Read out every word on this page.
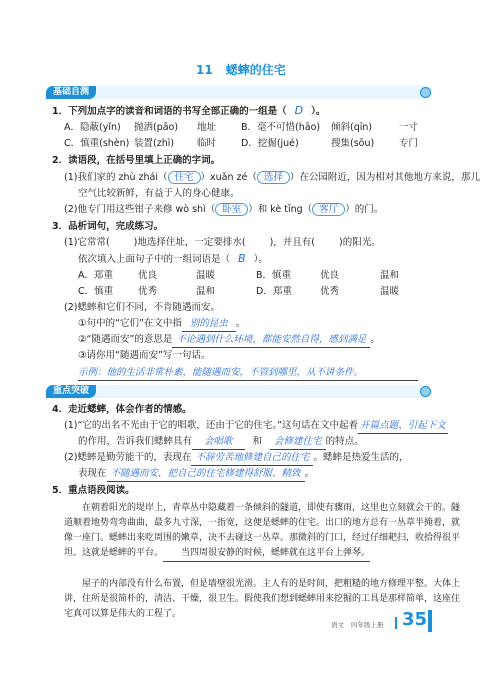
11 蟋蟀的住宅
基础自测
1．下列加点字的读音和词语的书写全部正确的一组是（ D ）。
A．隐蔽(yǐn) 抛洒(pāo) 地址	B．毫不可惜(hāo) 倾斜(qīn)	一寸
C．慎重(shèn) 装置(zhì) 临时	D．挖掘(jué)	搜集(sōu)	专门
2．读语段，在括号里填上正确的字词。
(1)我们家的 zhù zhái（ 住宅 ）xuǎn zé（ 选择 ）在公园附近，因为相对其他地方来说，那儿
空气比较新鲜，有益于人的身心健康。
(2)他专门用这些钳子来修 wò shì（ 卧室 ）和 kè tīng（ 客厅 ）的门。
3．品析词句，完成练习。
(1)它常常(	)地选择住址，一定要排水(	)，并且有(	)的阳光。
依次填入上面句子中的一组词语是（ B ）。
A．郑重	优良	温暖	B．慎重	优良	温和
C．慎重	优秀	温和	D．郑重	优秀	温暖
(2)蟋蟀和它们不同，不肯随遇而安。
①句中的“它们”在文中指 别的昆虫 。
②“随遇而安”的意思是 不论遇到什么环境，都能安然自得，感到满足 。
③请你用“随遇而安”写一句话。
示例：他的生活非常朴素，能随遇而安，不管到哪里，从不讲条件。
重点突破
4．走近蟋蟀，体会作者的情感。
(1)“它的出名不光由于它的唱歌，还由于它的住宅。”这句话在文中起着 开篇点题、引起下文
的作用，告诉我们蟋蟀具有 会唱歌 和 会修建住宅 的特点。
(2)蟋蟀是勤劳能干的，表现在 不辞劳苦地修建自己的住宅 。蟋蟀是热爱生活的，
表现在 不随遇而安，把自己的住宅修建得舒服、精致 。
5．重点语段阅读。
在朝着阳光的堤岸上，青草丛中隐藏着一条倾斜的隧道，即使有骤雨，这里也立刻就会干的。隧道顺着地势弯弯曲曲，最多九寸深，一指宽，这便是蟋蟀的住宅。出口的地方总有一丛草半掩着，就像一座门。蟋蟀出来吃周围的嫩草，决不去碰这一丛草。那微斜的门口，经过仔细耙扫，收拾得很平坦。这就是蟋蟀的平台。 当四周很安静的时候，蟋蟀就在这平台上弹琴。
屋子的内部没有什么布置，但是墙壁很光滑。主人有的是时间，把粗糙的地方修理平整。大体上讲，住所是很简朴的，清洁、干燥，很卫生。假使我们想到蟋蟀用来挖掘的工具是那样简单，这座住宅真可以算是伟大的工程了。
语文 四年级上册 35
